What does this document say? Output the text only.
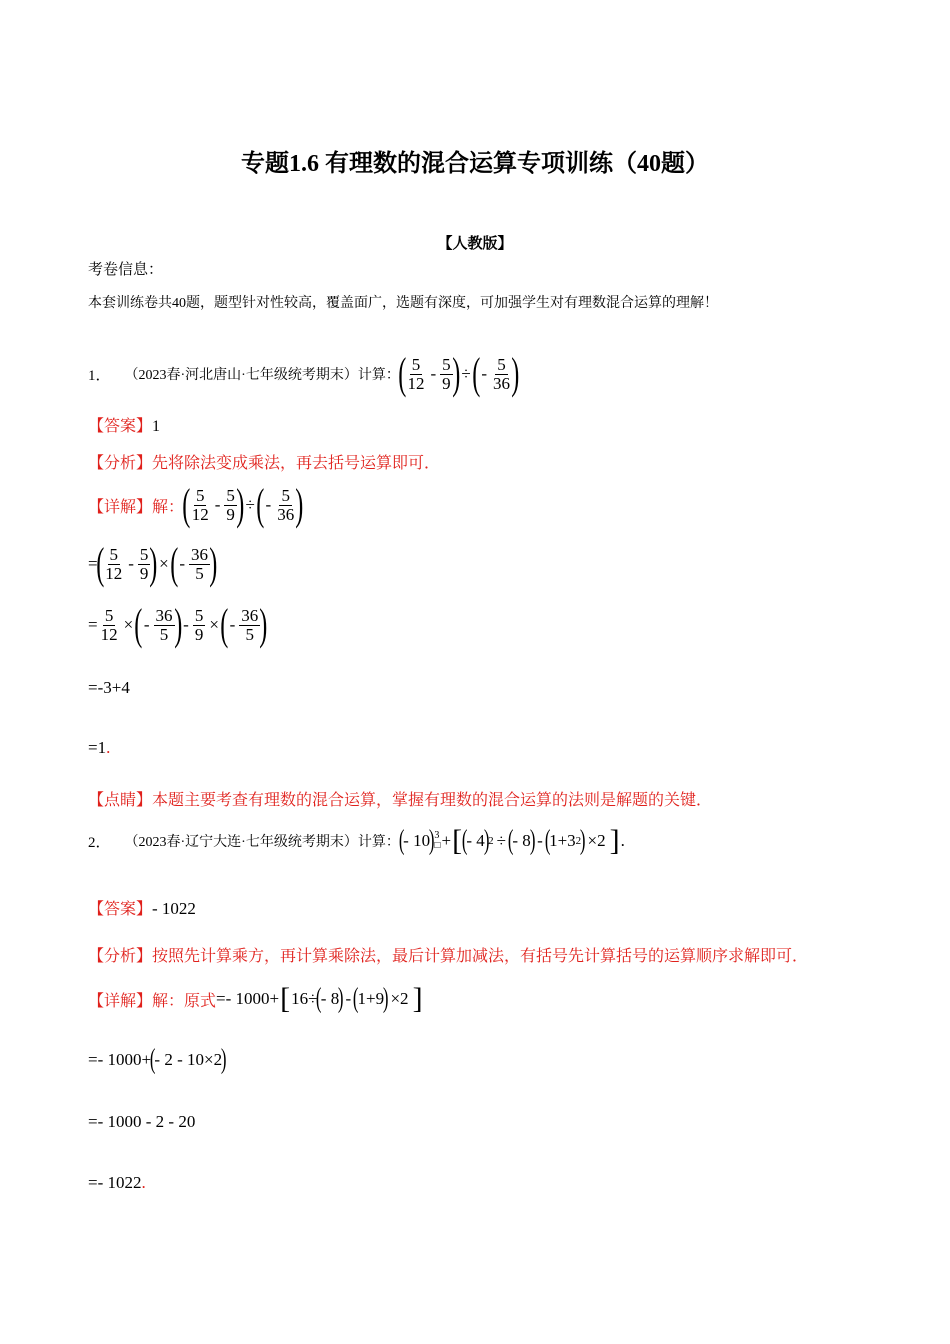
专题1.6 有理数的混合运算专项训练（40题）
【人教版】
考卷信息：
本套训练卷共40题，题型针对性较高，覆盖面广，选题有深度，可加强学生对有理数混合运算的理解！
1． （2023春·河北唐山·七年级统考期末）计算：
( $\frac{5}{12} - \frac{5}{9}$ ) ÷ ( - $\frac{5}{36}$ )
【答案】1
【分析】先将除法变成乘法，再去括号运算即可．
【详解】 解：
( $\frac{5}{12} - \frac{5}{9}$ ) ÷ ( - $\frac{5}{36}$ )
=
( $\frac{5}{12} - \frac{5}{9}$ ) × ( - $\frac{36}{5}$ )
= $\frac{5}{12}$ × ( - $\frac{36}{5}$ ) - $\frac{5}{9}$ × ( - $\frac{36}{5}$ )
=-3+4
=1.
【点睛】本题主要考查有理数的混合运算，掌握有理数的混合运算的法则是解题的关键．
2． （2023春·辽宁大连·七年级统考期末）计算：
(
- 10
) 3
□ + [ (
- 4
)
2 ÷ (
- 8
) - (
1+3 2
) ×2 ] .
【答案】- 1022
【分析】按照先计算乘方，再计算乘除法，最后计算加减法，有括号先计算括号的运算顺序求解即可．
【详解】 解：原式 =- 1000+ [ 16÷
(
- 8
) - (
1+9
) ×2 ]
=- 1000+
(
- 2 - 10×2
)
=- 1000 - 2 - 20
=- 1022.
